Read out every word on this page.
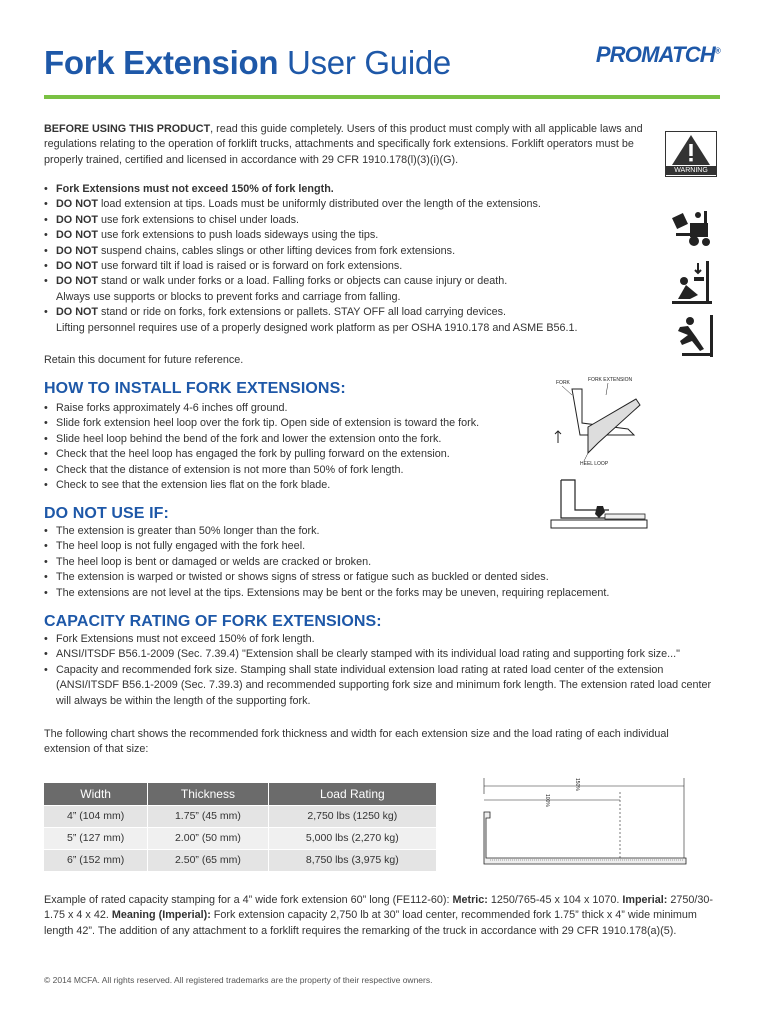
Fork Extension User Guide	PROMATCH®
BEFORE USING THIS PRODUCT, read this guide completely. Users of this product must comply with all applicable laws and regulations relating to the operation of forklift trucks, attachments and specifically fork extensions. Forklift operators must be properly trained, certified and licensed in accordance with 29 CFR 1910.178(l)(3)(i)(G).
WARNING
• Fork Extensions must not exceed 150% of fork length.
• DO NOT load extension at tips. Loads must be uniformly distributed over the length of the extensions.
• DO NOT use fork extensions to chisel under loads.
• DO NOT use fork extensions to push loads sideways using the tips.
• DO NOT suspend chains, cables slings or other lifting devices from fork extensions.
• DO NOT use forward tilt if load is raised or is forward on fork extensions.
• DO NOT stand or walk under forks or a load. Falling forks or objects can cause injury or death.
Always use supports or blocks to prevent forks and carriage from falling.
• DO NOT stand or ride on forks, fork extensions or pallets. STAY OFF all load carrying devices.
Lifting personnel requires use of a properly designed work platform as per OSHA 1910.178 and ASME B56.1.
Retain this document for future reference.
HOW TO INSTALL FORK EXTENSIONS:
• Raise forks approximately 4-6 inches off ground.
• Slide fork extension heel loop over the fork tip. Open side of extension is toward the fork.
• Slide heel loop behind the bend of the fork and lower the extension onto the fork.
• Check that the heel loop has engaged the fork by pulling forward on the extension.
• Check that the distance of extension is not more than 50% of fork length.
• Check to see that the extension lies flat on the fork blade.
FORK	FORK EXTENSION
HEEL LOOP
DO NOT USE IF:
• The extension is greater than 50% longer than the fork.
• The heel loop is not fully engaged with the fork heel.
• The heel loop is bent or damaged or welds are cracked or broken.
• The extension is warped or twisted or shows signs of stress or fatigue such as buckled or dented sides.
• The extensions are not level at the tips. Extensions may be bent or the forks may be uneven, requiring replacement.
CAPACITY RATING OF FORK EXTENSIONS:
• Fork Extensions must not exceed 150% of fork length.
• ANSI/ITSDF B56.1-2009 (Sec. 7.39.4) "Extension shall be clearly stamped with its individual load rating and supporting fork size..."
• Capacity and recommended fork size. Stamping shall state individual extension load rating at rated load center of the extension
(ANSI/ITSDF B56.1-2009 (Sec. 7.39.3) and recommended supporting fork size and minimum fork length. The extension rated load center will always be within the length of the supporting fork.
The following chart shows the recommended fork thickness and width for each extension size and the load rating of each individual extension of that size:
Width	Thickness	Load Rating
4” (104 mm)	1.75” (45 mm)	2,750 lbs (1250 kg)
5” (127 mm)	2.00” (50 mm)	5,000 lbs (2,270 kg)
6” (152 mm)	2.50” (65 mm)	8,750 lbs (3,975 kg)
150%
100%
Example of rated capacity stamping for a 4” wide fork extension 60” long (FE112-60): Metric: 1250/765-45 x 104 x 1070. Imperial: 2750/30-1.75 x 4 x 42. Meaning (Imperial): Fork extension capacity 2,750 lb at 30” load center, recommended fork 1.75” thick x 4” wide minimum length 42”. The addition of any attachment to a forklift requires the remarking of the truck in accordance with 29 CFR 1910.178(a)(5).
© 2014 MCFA. All rights reserved. All registered trademarks are the property of their respective owners.
